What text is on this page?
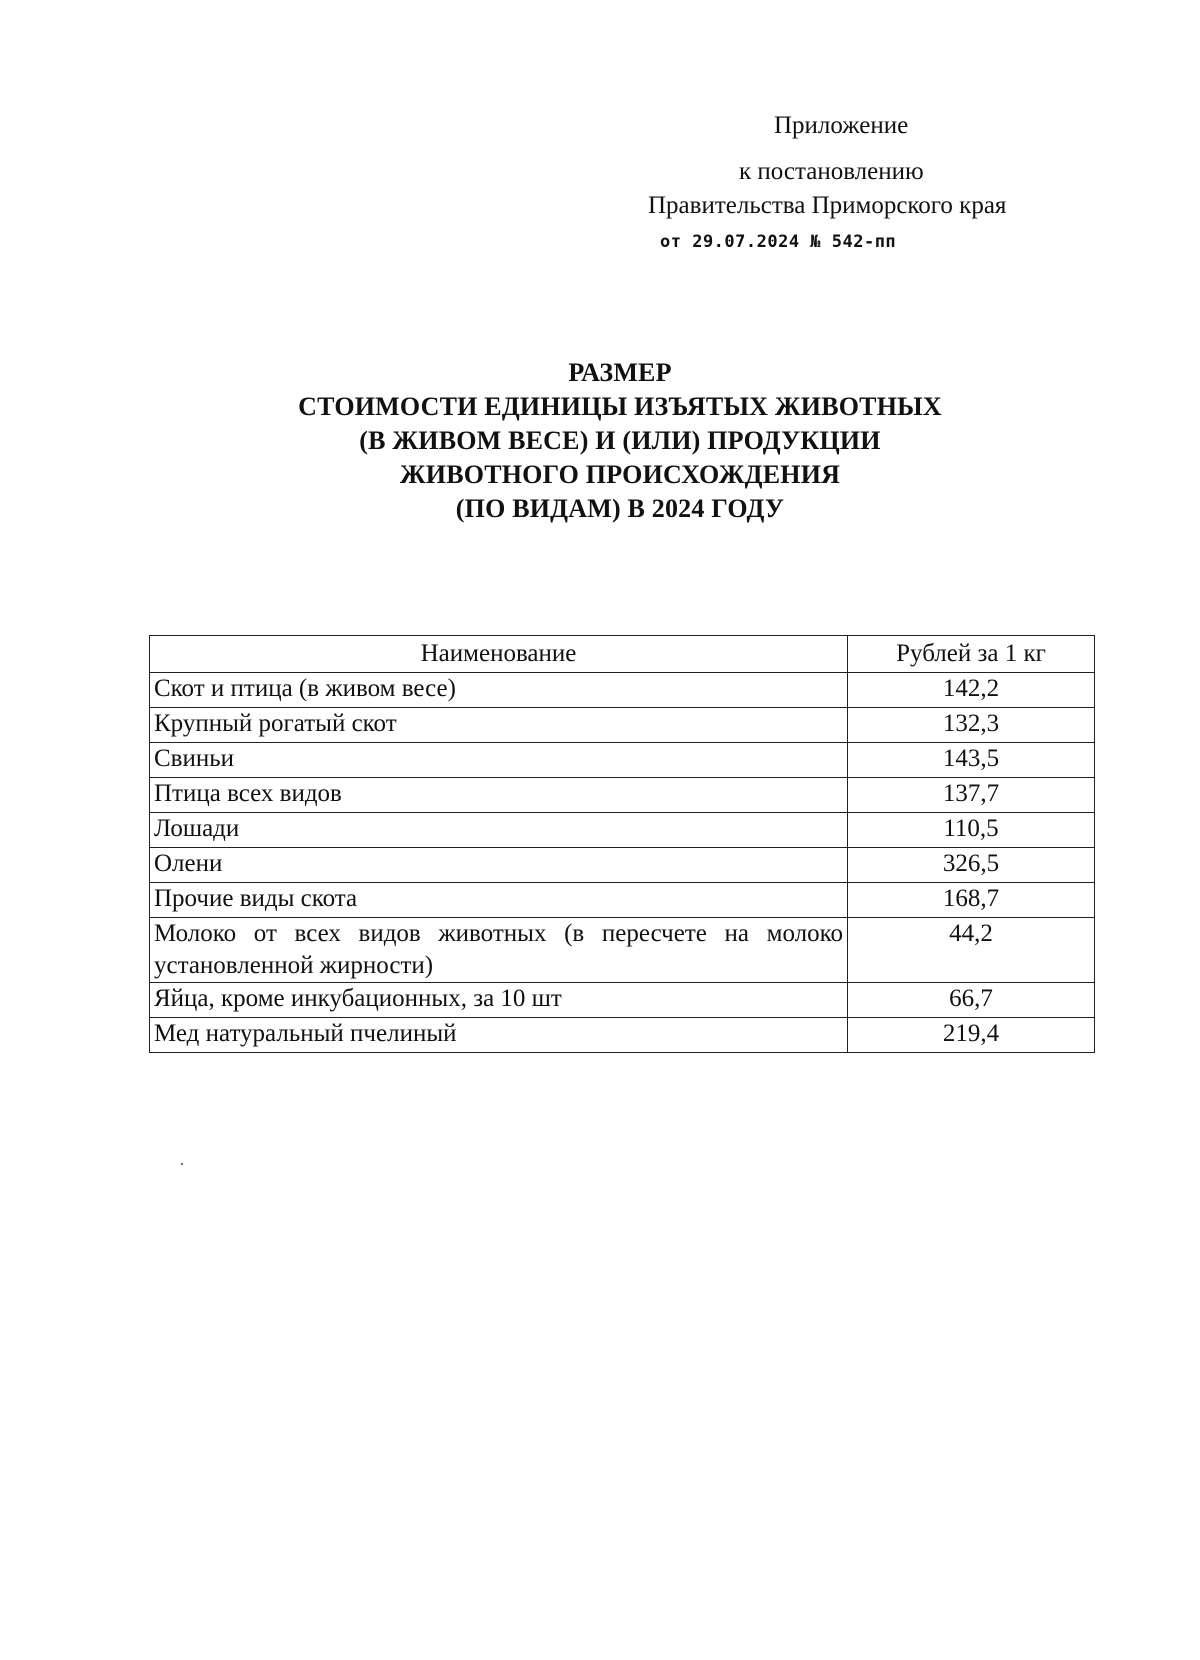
Приложение
к постановлению
Правительства Приморского края
от 29.07.2024 № 542-пп
РАЗМЕР
СТОИМОСТИ ЕДИНИЦЫ ИЗЪЯТЫХ ЖИВОТНЫХ
(В ЖИВОМ ВЕСЕ) И (ИЛИ) ПРОДУКЦИИ
ЖИВОТНОГО ПРОИСХОЖДЕНИЯ
(ПО ВИДАМ) В 2024 ГОДУ
Наименование	Рублей за 1 кг
Скот и птица (в живом весе)	142,2
Крупный рогатый скот	132,3
Свиньи	143,5
Птица всех видов	137,7
Лошади	110,5
Олени	326,5
Прочие виды скота	168,7
Молоко от всех видов животных (в пересчете на молоко установленной жирности)	44,2
Яйца, кроме инкубационных, за 10 шт	66,7
Мед натуральный пчелиный	219,4
